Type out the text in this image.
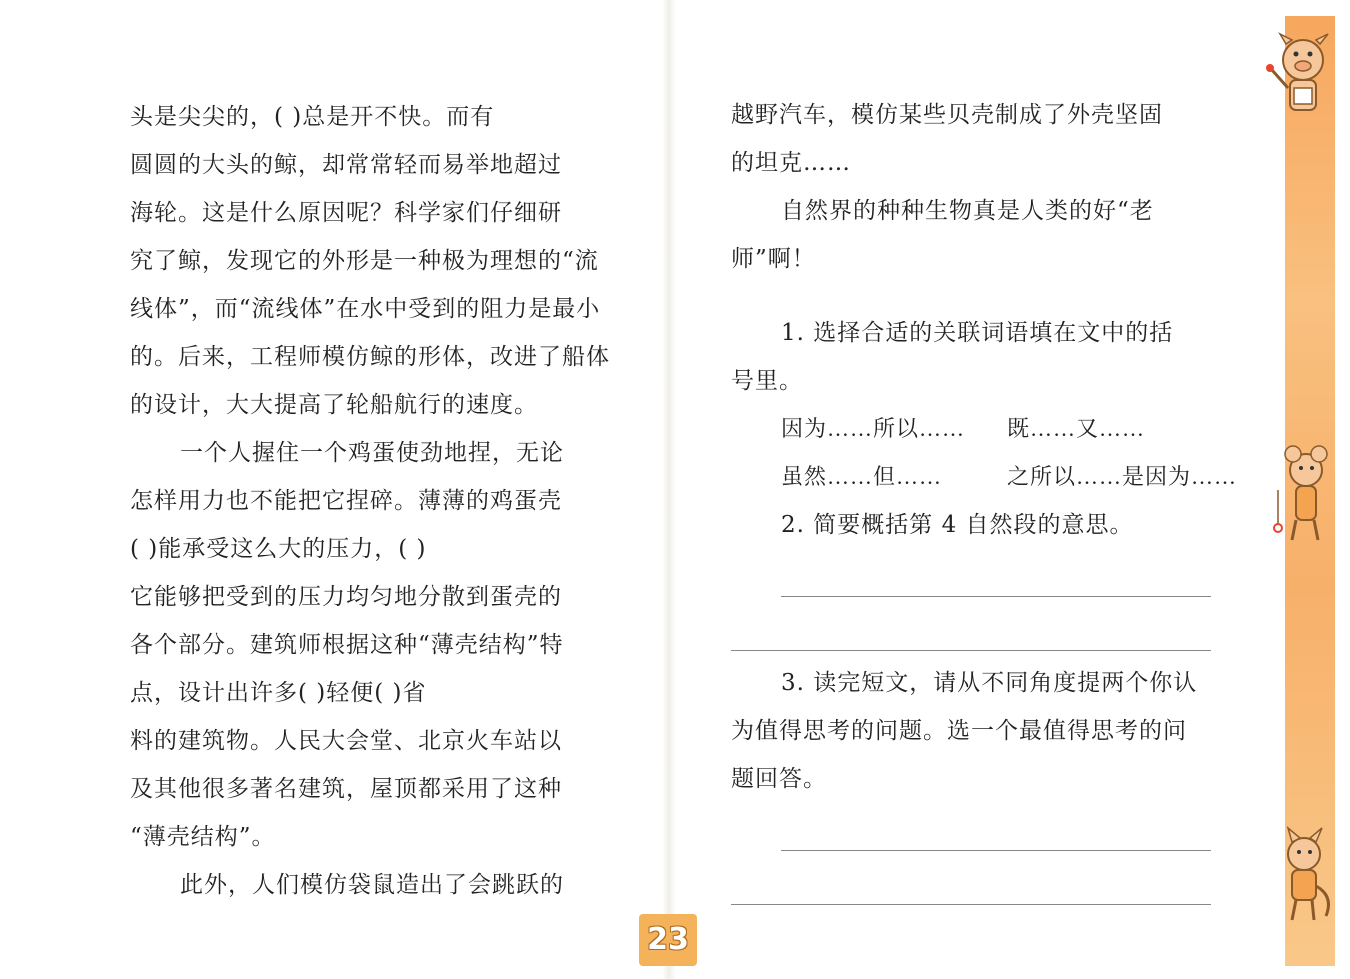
头是尖尖的，( )总是开不快。而有
圆圆的大头的鲸，却常常轻而易举地超过
海轮。这是什么原因呢？科学家们仔细研
究了鲸，发现它的外形是一种极为理想的“流
线体”，而“流线体”在水中受到的阻力是最小
的。后来，工程师模仿鲸的形体，改进了船体
的设计，大大提高了轮船航行的速度。
一个人握住一个鸡蛋使劲地捏，无论
怎样用力也不能把它捏碎。薄薄的鸡蛋壳
( )能承受这么大的压力，( )
它能够把受到的压力均匀地分散到蛋壳的
各个部分。建筑师根据这种“薄壳结构”特
点，设计出许多( )轻便( )省
料的建筑物。人民大会堂、北京火车站以
及其他很多著名建筑，屋顶都采用了这种
“薄壳结构”。
此外，人们模仿袋鼠造出了会跳跃的
越野汽车，模仿某些贝壳制成了外壳坚固
的坦克……
自然界的种种生物真是人类的好“老
师”啊！
1. 选择合适的关联词语填在文中的括
号里。
因为……所以…… 既……又……
虽然……但……	之所以……是因为……
2. 简要概括第 4 自然段的意思。
3. 读完短文，请从不同角度提两个你认
为值得思考的问题。选一个最值得思考的问
题回答。
23
